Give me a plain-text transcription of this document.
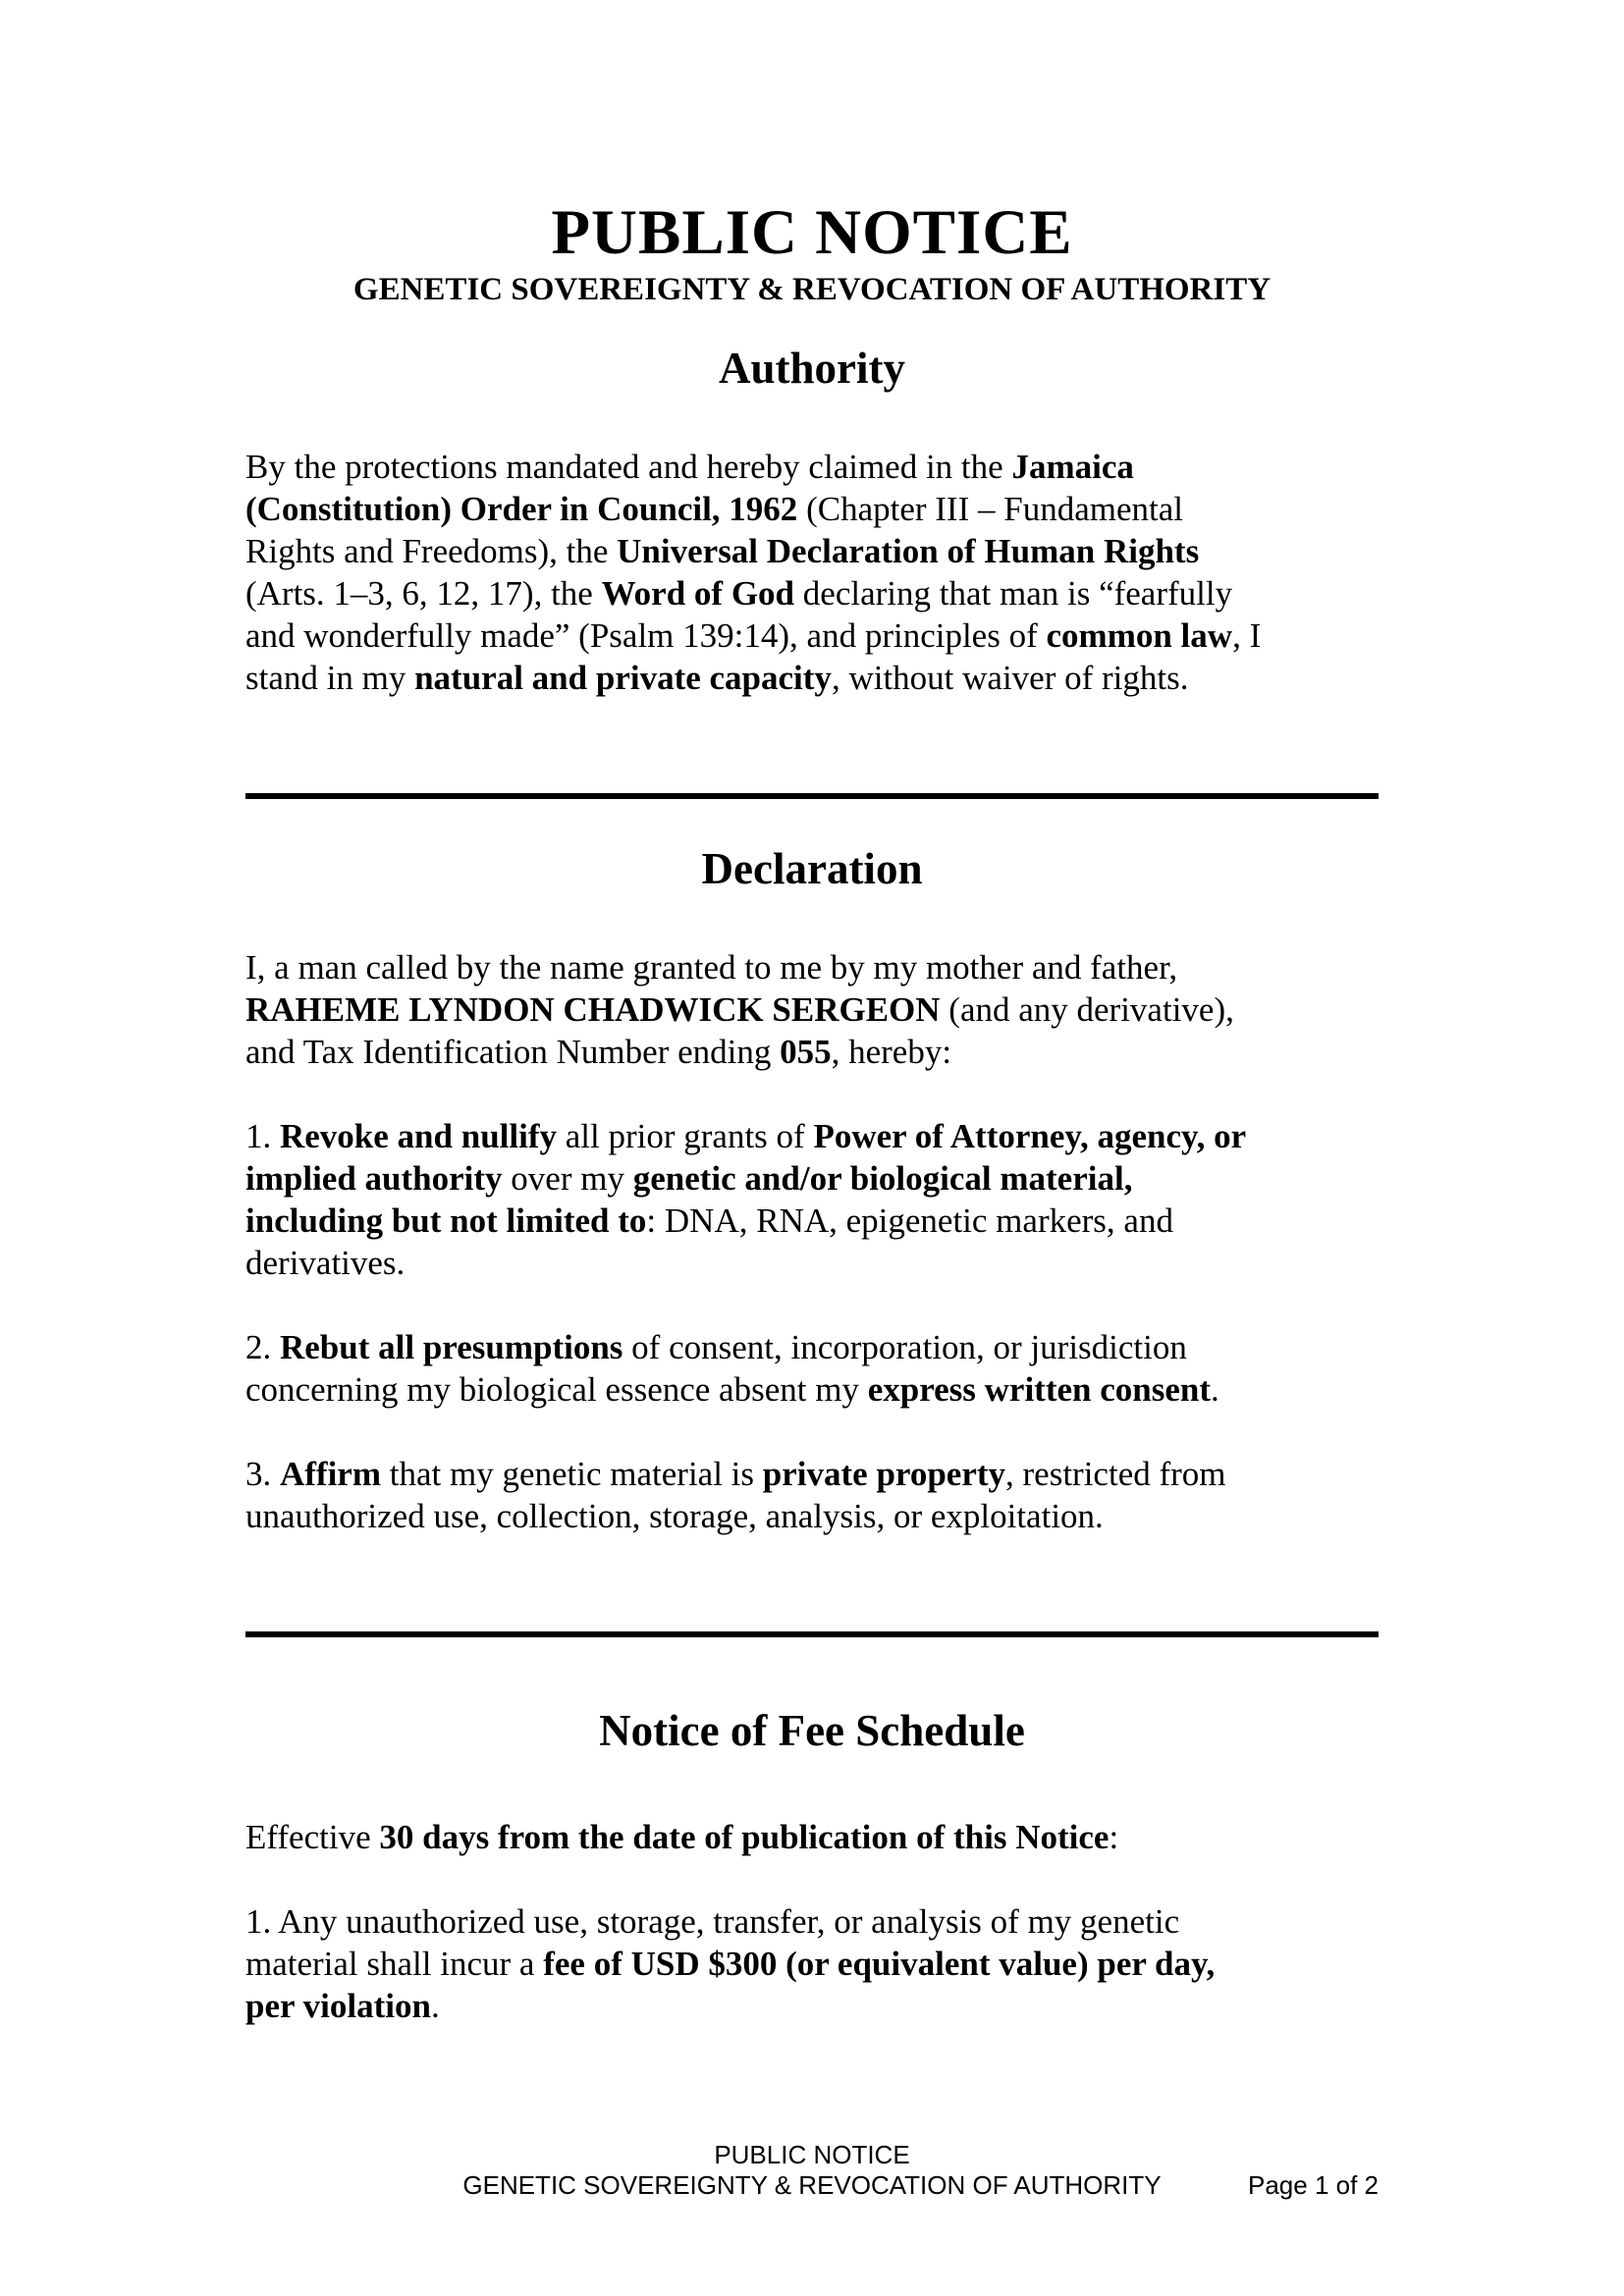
PUBLIC NOTICE
GENETIC SOVEREIGNTY & REVOCATION OF AUTHORITY
Authority
By the protections mandated and hereby claimed in the Jamaica
(Constitution) Order in Council, 1962 (Chapter III – Fundamental
Rights and Freedoms), the Universal Declaration of Human Rights
(Arts. 1–3, 6, 12, 17), the Word of God declaring that man is “fearfully
and wonderfully made” (Psalm 139:14), and principles of common law, I
stand in my natural and private capacity, without waiver of rights.
Declaration
I, a man called by the name granted to me by my mother and father,
RAHEME LYNDON CHADWICK SERGEON (and any derivative),
and Tax Identification Number ending 055, hereby:
1. Revoke and nullify all prior grants of Power of Attorney, agency, or
implied authority over my genetic and/or biological material,
including but not limited to: DNA, RNA, epigenetic markers, and
derivatives.
2. Rebut all presumptions of consent, incorporation, or jurisdiction
concerning my biological essence absent my express written consent.
3. Affirm that my genetic material is private property, restricted from
unauthorized use, collection, storage, analysis, or exploitation.
Notice of Fee Schedule
Effective 30 days from the date of publication of this Notice:
1. Any unauthorized use, storage, transfer, or analysis of my genetic
material shall incur a fee of USD $300 (or equivalent value) per day,
per violation.
PUBLIC NOTICE
GENETIC SOVEREIGNTY & REVOCATION OF AUTHORITY	Page 1 of 2
